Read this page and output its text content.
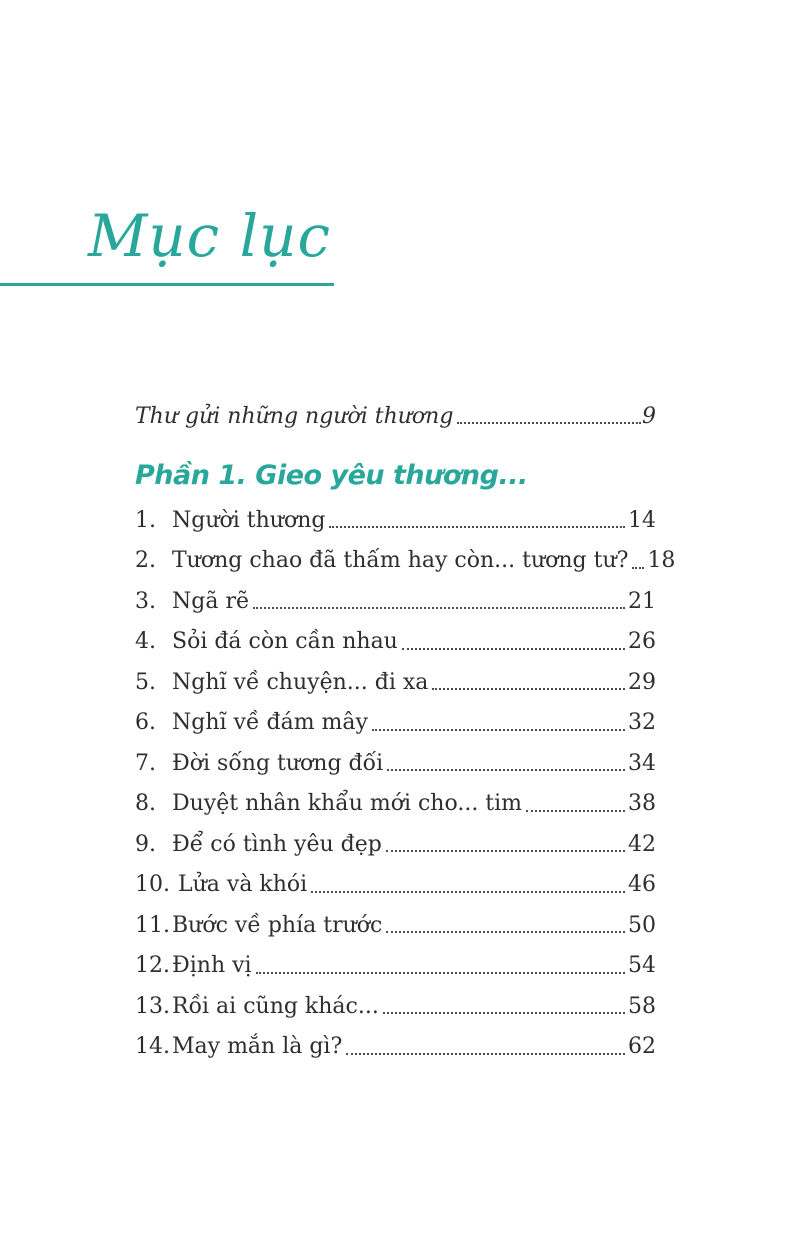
Mục lục
Thư gửi những người thương	9
Phần 1. Gieo yêu thương...
1. Người thương	14
2. Tương chao đã thấm hay còn... tương tư? 18
3. Ngã rẽ	21
4. Sỏi đá còn cần nhau	26
5. Nghĩ về chuyện... đi xa	29
6. Nghĩ về đám mây	32
7. Đời sống tương đối	34
8. Duyệt nhân khẩu mới cho... tim	38
9. Để có tình yêu đẹp	42
10. Lửa và khói	46
11. Bước về phía trước	50
12. Định vị	54
13. Rồi ai cũng khác...	58
14. May mắn là gì?	62
